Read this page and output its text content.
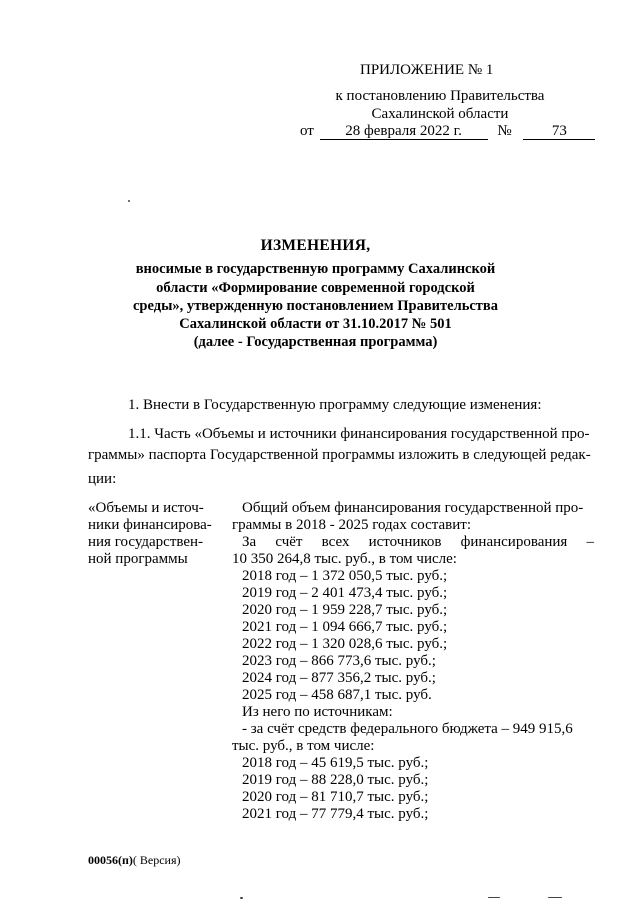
ПРИЛОЖЕНИЕ № 1
к постановлению Правительства
Сахалинской области
от 28 февраля 2022 г. №	73
ИЗМЕНЕНИЯ,
вносимые в государственную программу Сахалинской
области «Формирование современной городской
среды», утвержденную постановлением Правительства
Сахалинской области от 31.10.2017 № 501
(далее - Государственная программа)
1. Внести в Государственную программу следующие изменения:
1.1. Часть «Объемы и источники финансирования государственной про-
граммы» паспорта Государственной программы изложить в следующей редак-
ции:
«Объемы и источ-
ники финансирова-
ния государствен-
ной программы
Общий объем финансирования государственной про-
граммы в 2018 - 2025 годах составит:
За счёт всех источников финансирования –
10 350 264,8 тыс. руб., в том числе:
2018 год – 1 372 050,5 тыс. руб.;
2019 год – 2 401 473,4 тыс. руб.;
2020 год – 1 959 228,7 тыс. руб.;
2021 год – 1 094 666,7 тыс. руб.;
2022 год – 1 320 028,6 тыс. руб.;
2023 год – 866 773,6 тыс. руб.;
2024 год – 877 356,2 тыс. руб.;
2025 год – 458 687,1 тыс. руб.
Из него по источникам:
- за счёт средств федерального бюджета – 949 915,6
тыс. руб., в том числе:
2018 год – 45 619,5 тыс. руб.;
2019 год – 88 228,0 тыс. руб.;
2020 год – 81 710,7 тыс. руб.;
2021 год – 77 779,4 тыс. руб.;
00056(п)( Версия)
